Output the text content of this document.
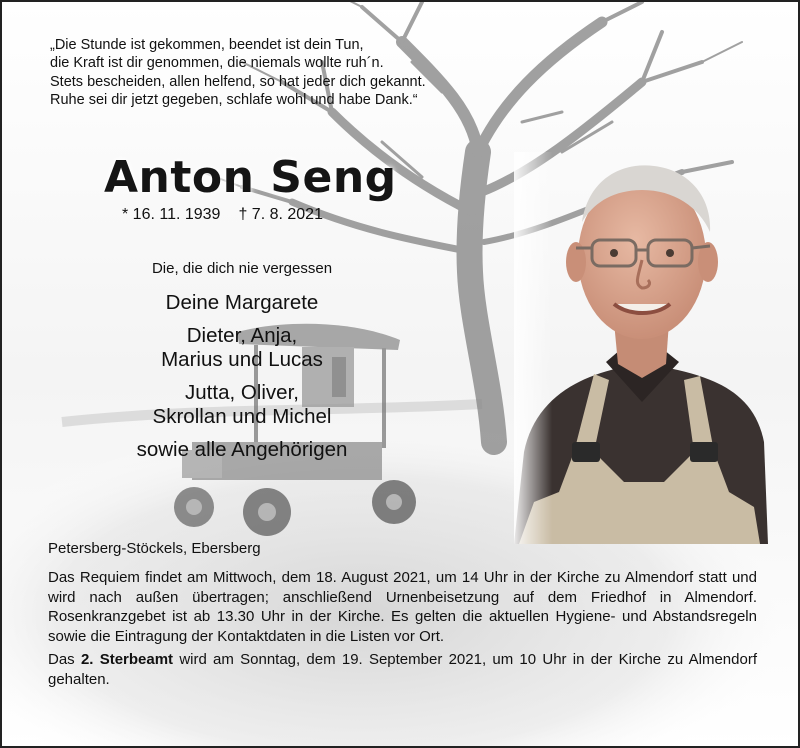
„Die Stunde ist gekommen, beendet ist dein Tun,
die Kraft ist dir genommen, die niemals wollte ruh´n.
Stets bescheiden, allen helfend, so hat jeder dich gekannt.
Ruhe sei dir jetzt gegeben, schlafe wohl und habe Dank.“
Anton Seng
* 16. 11. 1939 † 7. 8. 2021
Die, die dich nie vergessen
Deine Margarete
Dieter, Anja,
Marius und Lucas
Jutta, Oliver,
Skrollan und Michel
sowie alle Angehörigen
Petersberg-Stöckels, Ebersberg

Das Requiem findet am Mittwoch, dem 18. August 2021, um 14 Uhr in der Kirche zu Almendorf statt und wird nach außen übertragen; anschließend Urnenbeisetzung auf dem Friedhof in Almendorf. Rosenkranzgebet ist ab 13.30 Uhr in der Kirche. Es gelten die aktuellen Hygiene- und Abstandsregeln sowie die Eintragung der Kontaktdaten in die Listen vor Ort.

Das 2. Sterbeamt wird am Sonntag, dem 19. September 2021, um 10 Uhr in der Kirche zu Almendorf gehalten.
